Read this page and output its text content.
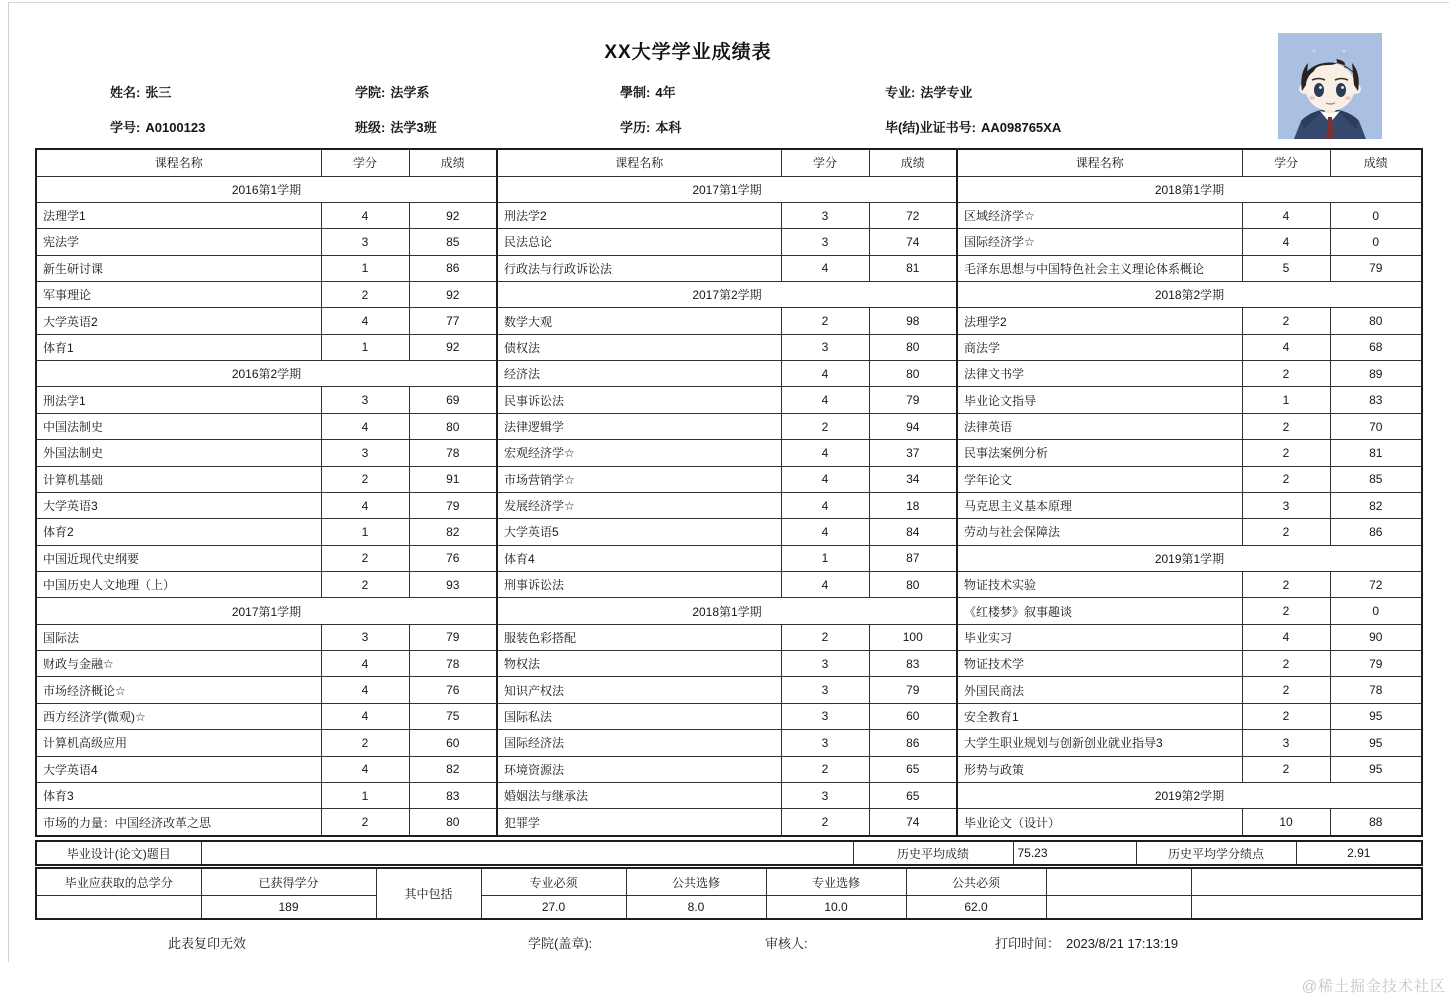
XX大学学业成绩表
姓名: 张三	学院: 法学系	學制: 4年	专业: 法学专业
学号: A0100123	班级: 法学3班	学历: 本科	毕(结)业证书号: AA098765XA
课程名称	学分	成绩	课程名称	学分	成绩	课程名称	学分	成绩
2016第1学期			2017第1学期			2018第1学期		
法理学1	4	92	刑法学2	3	72	区域经济学☆	4	0
宪法学	3	85	民法总论	3	74	国际经济学☆	4	0
新生研讨课	1	86	行政法与行政诉讼法	4	81	毛泽东思想与中国特色社会主义理论体系概论	5	79
军事理论	2	92	2017第2学期			2018第2学期		
大学英语2	4	77	数学大观	2	98	法理学2	2	80
体育1	1	92	债权法	3	80	商法学	4	68
2016第2学期			经济法	4	80	法律文书学	2	89
刑法学1	3	69	民事诉讼法	4	79	毕业论文指导	1	83
中国法制史	4	80	法律逻辑学	2	94	法律英语	2	70
外国法制史	3	78	宏观经济学☆	4	37	民事法案例分析	2	81
计算机基础	2	91	市场营销学☆	4	34	学年论文	2	85
大学英语3	4	79	发展经济学☆	4	18	马克思主义基本原理	3	82
体育2	1	82	大学英语5	4	84	劳动与社会保障法	2	86
中国近现代史纲要	2	76	体育4	1	87	2019第1学期		
中国历史人文地理（上）	2	93	刑事诉讼法	4	80	物证技术实验	2	72
2017第1学期			2018第1学期			《红楼梦》叙事趣谈	2	0
国际法	3	79	服装色彩搭配	2	100	毕业实习	4	90
财政与金融☆	4	78	物权法	3	83	物证技术学	2	79
市场经济概论☆	4	76	知识产权法	3	79	外国民商法	2	78
西方经济学(微观)☆	4	75	国际私法	3	60	安全教育1	2	95
计算机高级应用	2	60	国际经济法	3	86	大学生职业规划与创新创业就业指导3	3	95
大学英语4	4	82	环境资源法	2	65	形势与政策	2	95
体育3	1	83	婚姻法与继承法	3	65	2019第2学期		
市场的力量：中国经济改革之思	2	80	犯罪学	2	74	毕业论文（设计）	10	88
毕业设计(论文)题目		历史平均成绩	75.23	历史平均学分绩点	2.91
毕业应获取的总学分	已获得学分	其中包括	专业必须	公共选修	专业选修	公共必须		
	189		27.0	8.0	10.0	62.0		
此表复印无效	学院(盖章):	审核人:	打印时间： 2023/8/21 17:13:19
@稀土掘金技术社区
